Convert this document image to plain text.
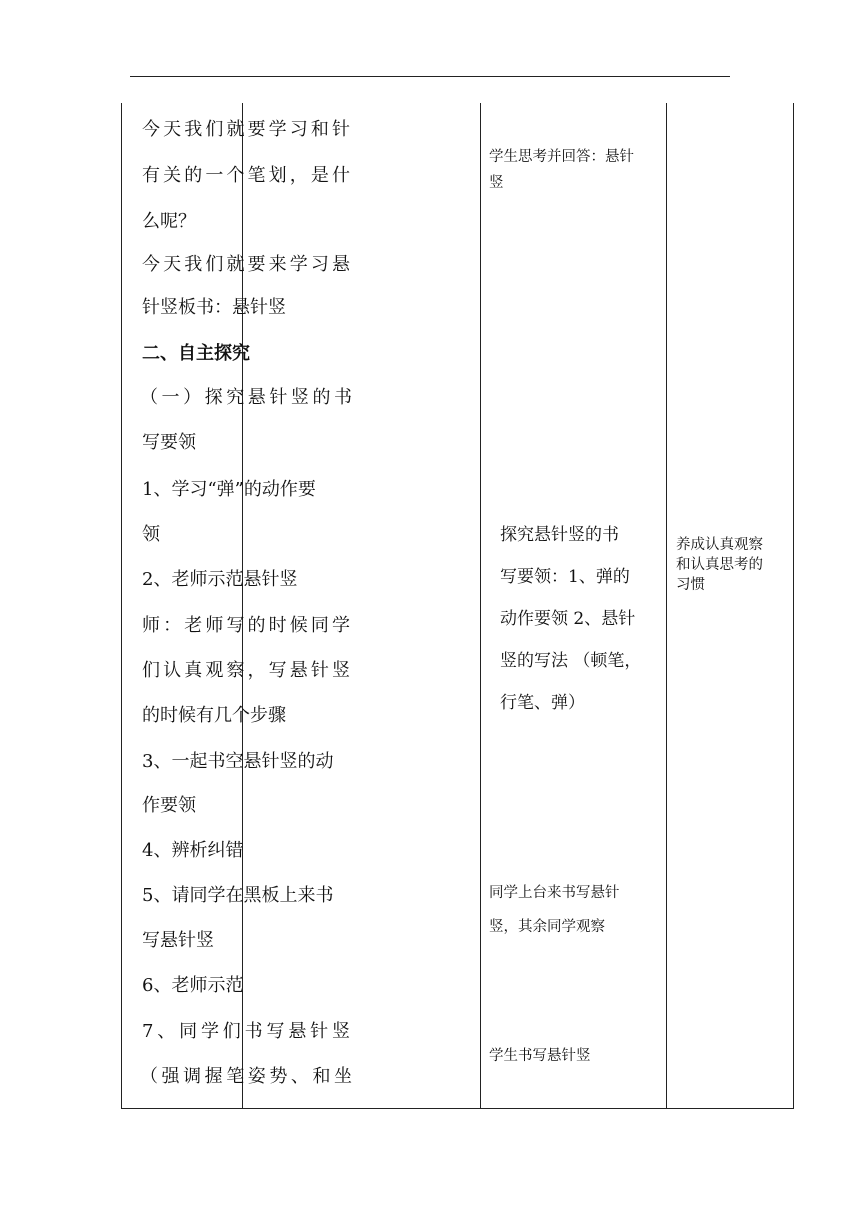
今天我们就要学习和针
有关的一个笔划，是什
么呢？
今天我们就要来学习悬
针竖板书：悬针竖
二、自主探究
（一）探究悬针竖的书
写要领
1、学习“弹”的动作要
领
2、老师示范悬针竖
师：老师写的时候同学
们认真观察，写悬针竖
的时候有几个步骤
3、一起书空悬针竖的动
作要领
4、辨析纠错
5、请同学在黑板上来书
写悬针竖
6、老师示范
7、同学们书写悬针竖
（强调握笔姿势、和坐
学生思考并回答：悬针
竖
探究悬针竖的书
写要领：1、弹的
动作要领 2、悬针
竖的写法 （顿笔，
行笔、弹）
同学上台来书写悬针
竖，其余同学观察
学生书写悬针竖
养成认真观察
和认真思考的
习惯
